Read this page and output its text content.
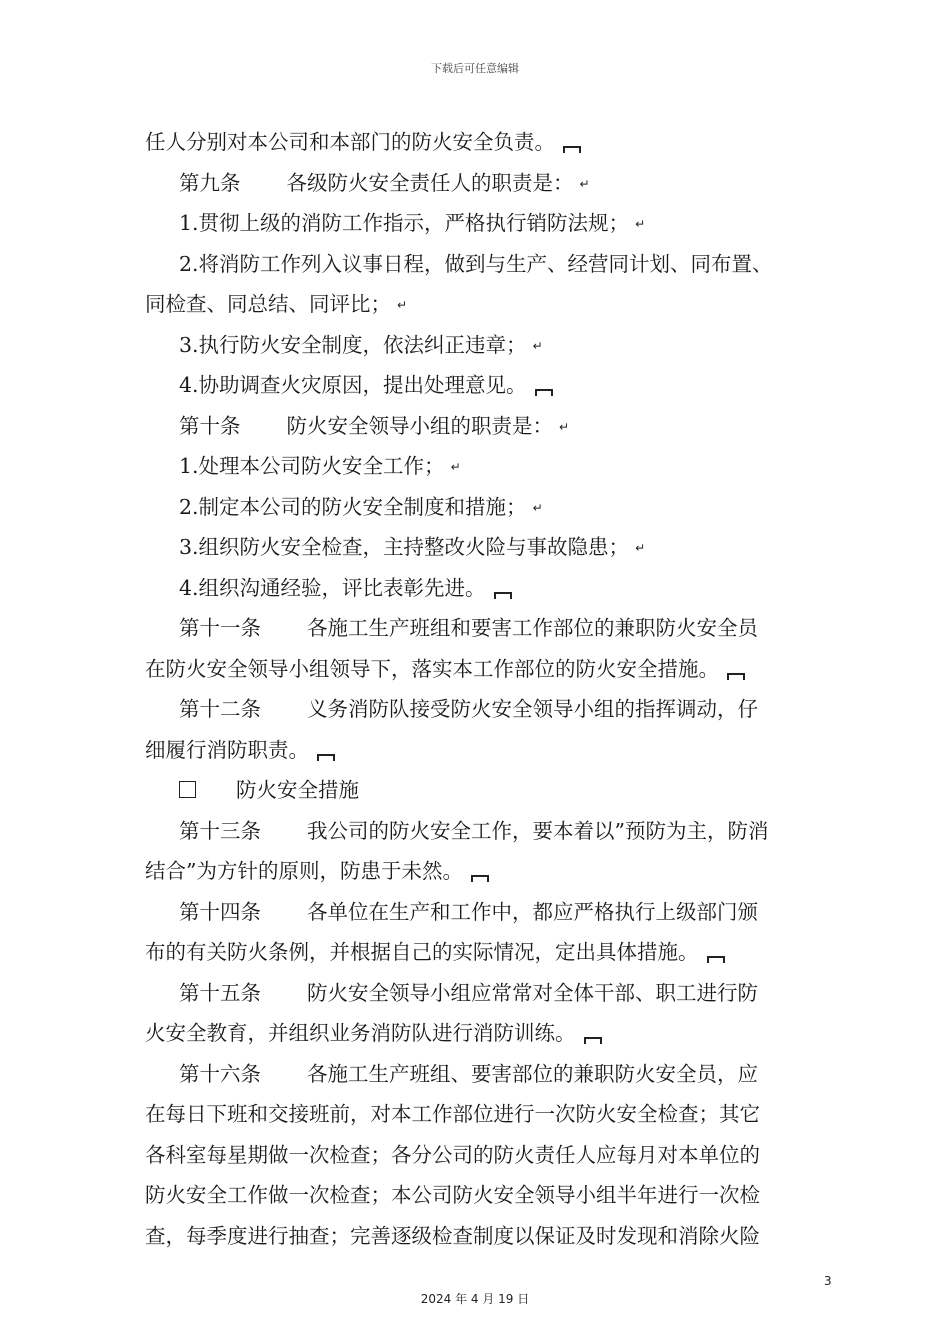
下载后可任意编辑
任人分别对本公司和本部门的防火安全负责。
第九条 各级防火安全责任人的职责是： ↵
1.贯彻上级的消防工作指示，严格执行销防法规； ↵
2.将消防工作列入议事日程，做到与生产、经营同计划、同布置、
同检查、同总结、同评比； ↵
3.执行防火安全制度，依法纠正违章； ↵
4.协助调查火灾原因，提出处理意见。
第十条 防火安全领导小组的职责是： ↵
1.处理本公司防火安全工作； ↵
2.制定本公司的防火安全制度和措施； ↵
3.组织防火安全检查，主持整改火险与事故隐患； ↵
4.组织沟通经验，评比表彰先进。
第十一条 各施工生产班组和要害工作部位的兼职防火安全员
在防火安全领导小组领导下，落实本工作部位的防火安全措施。
第十二条 义务消防队接受防火安全领导小组的指挥调动，仔
细履行消防职责。
防火安全措施
第十三条 我公司的防火安全工作，要本着以”预防为主，防消
结合”为方针的原则，防患于未然。
第十四条 各单位在生产和工作中，都应严格执行上级部门颁
布的有关防火条例，并根据自己的实际情况，定出具体措施。
第十五条 防火安全领导小组应常常对全体干部、职工进行防
火安全教育，并组织业务消防队进行消防训练。
第十六条 各施工生产班组、要害部位的兼职防火安全员，应
在每日下班和交接班前，对本工作部位进行一次防火安全检查；其它
各科室每星期做一次检查；各分公司的防火责任人应每月对本单位的
防火安全工作做一次检查；本公司防火安全领导小组半年进行一次检
查，每季度进行抽查；完善逐级检查制度以保证及时发现和消除火险
3
2024 年 4 月 19 日
